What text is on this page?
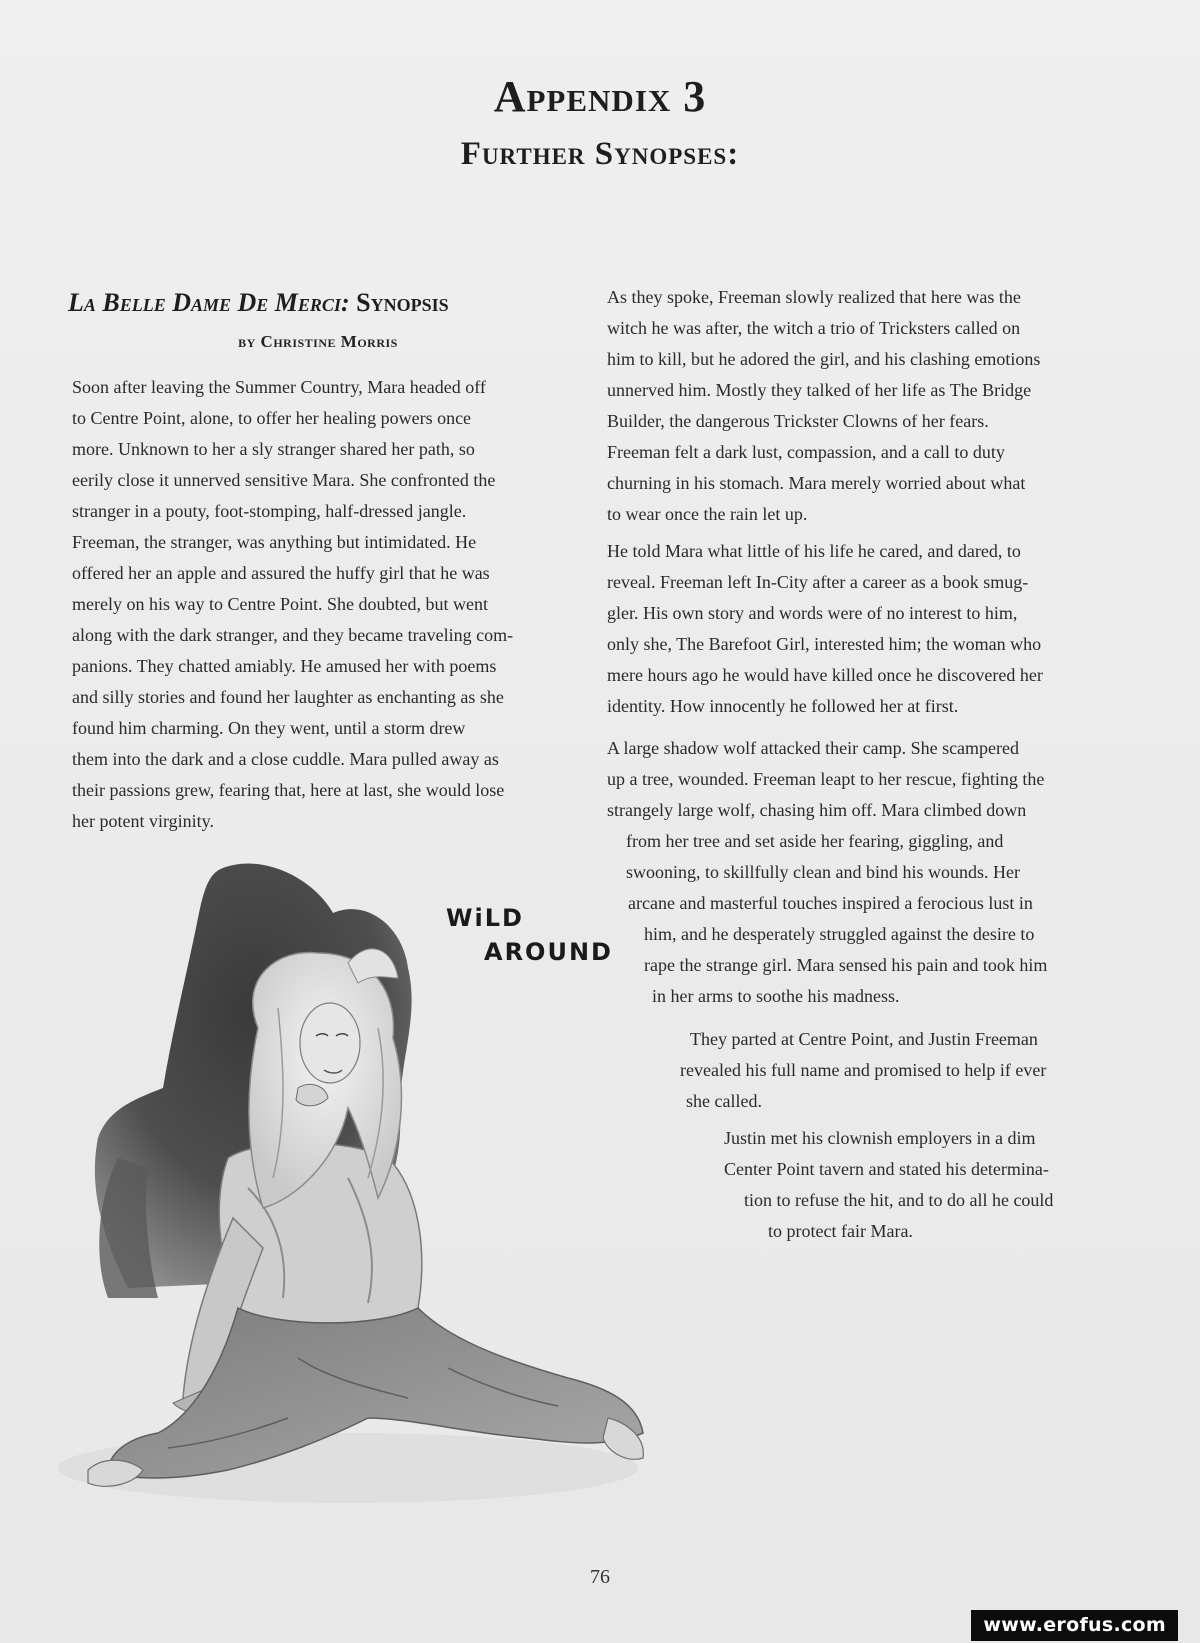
Appendix 3
Further Synopses:
La Belle Dame De Merci: Synopsis
by Christine Morris

Soon after leaving the Summer Country, Mara headed off
to Centre Point, alone, to offer her healing powers once
more. Unknown to her a sly stranger shared her path, so
eerily close it unnerved sensitive Mara. She confronted the
stranger in a pouty, foot-stomping, half-dressed jangle.
Freeman, the stranger, was anything but intimidated. He
offered her an apple and assured the huffy girl that he was
merely on his way to Centre Point. She doubted, but went
along with the dark stranger, and they became traveling com-
panions. They chatted amiably. He amused her with poems
and silly stories and found her laughter as enchanting as she
found him charming. On they went, until a storm drew
them into the dark and a close cuddle. Mara pulled away as
their passions grew, fearing that, here at last, she would lose
her potent virginity.

As they spoke, Freeman slowly realized that here was the
witch he was after, the witch a trio of Tricksters called on
him to kill, but he adored the girl, and his clashing emotions
unnerved him. Mostly they talked of her life as The Bridge
Builder, the dangerous Trickster Clowns of her fears.
Freeman felt a dark lust, compassion, and a call to duty
churning in his stomach. Mara merely worried about what
to wear once the rain let up.

He told Mara what little of his life he cared, and dared, to
reveal. Freeman left In-City after a career as a book smug-
gler. His own story and words were of no interest to him,
only she, The Barefoot Girl, interested him; the woman who
mere hours ago he would have killed once he discovered her
identity. How innocently he followed her at first.

A large shadow wolf attacked their camp. She scampered
up a tree, wounded. Freeman leapt to her rescue, fighting the
strangely large wolf, chasing him off. Mara climbed down
from her tree and set aside her fearing, giggling, and
swooning, to skillfully clean and bind his wounds. Her
arcane and masterful touches inspired a ferocious lust in
him, and he desperately struggled against the desire to
rape the strange girl. Mara sensed his pain and took him
in her arms to soothe his madness.

They parted at Centre Point, and Justin Freeman
revealed his full name and promised to help if ever
she called.

Justin met his clownish employers in a dim
Center Point tavern and stated his determina-
tion to refuse the hit, and to do all he could
to protect fair Mara.

WiLD
AROUND
76
www.erofus.com
